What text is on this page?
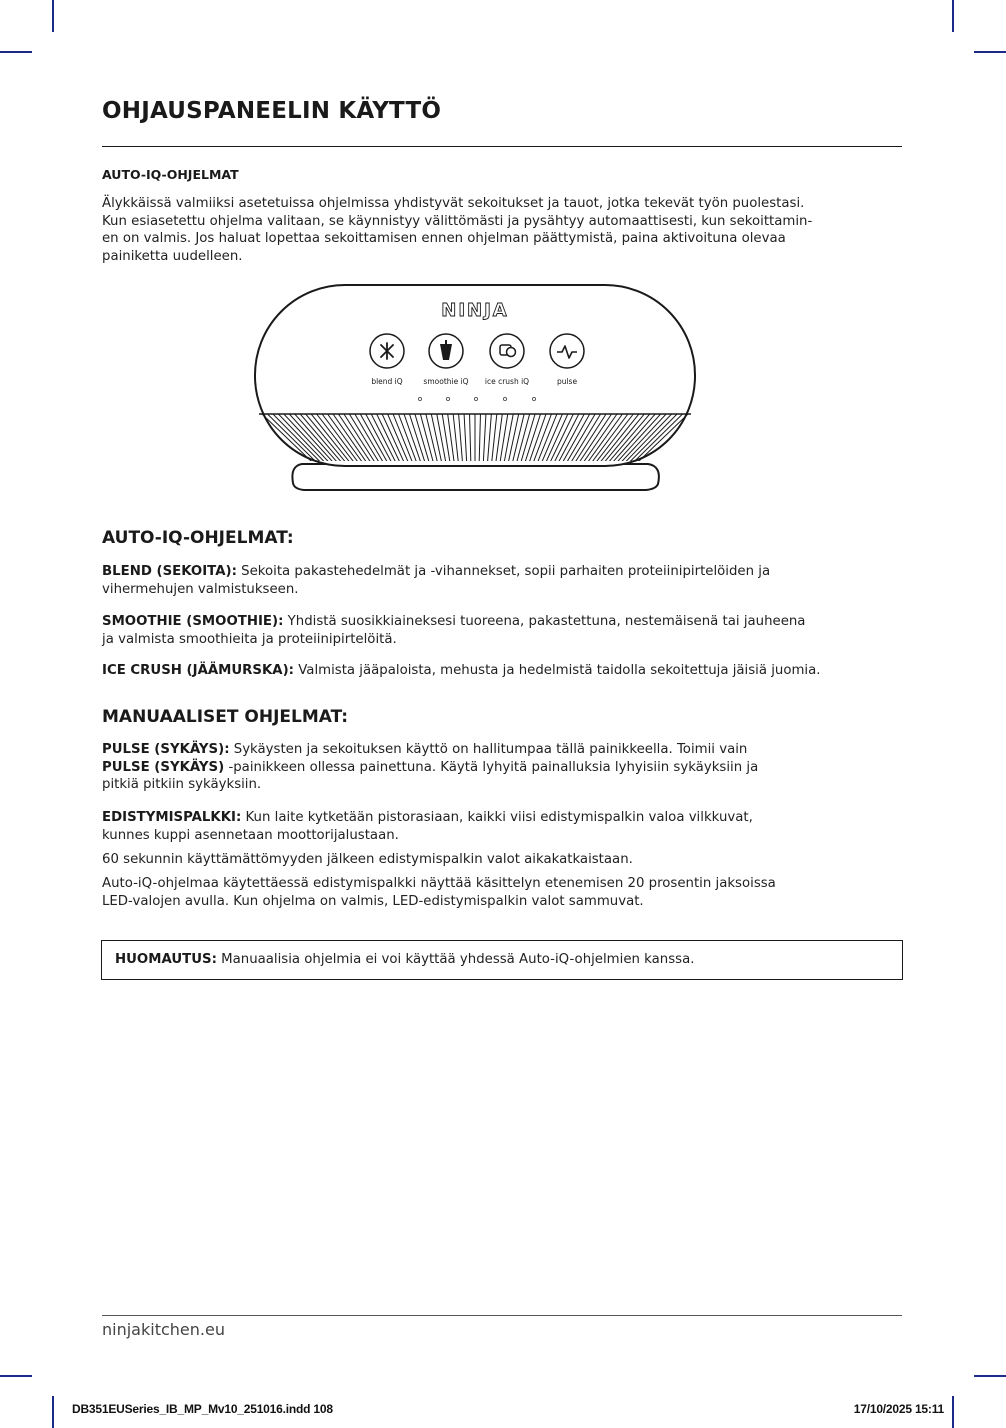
OHJAUSPANEELIN KÄYTTÖ
AUTO-IQ-OHJELMAT

Älykkäissä valmiiksi asetetuissa ohjelmissa yhdistyvät sekoitukset ja tauot, jotka tekevät työn puolestasi.
Kun esiasetettu ohjelma valitaan, se käynnistyy välittömästi ja pysähtyy automaattisesti, kun sekoittamin-
en on valmis. Jos haluat lopettaa sekoittamisen ennen ohjelman päättymistä, paina aktivoituna olevaa
painiketta uudelleen.

NINJA
blend iQ	smoothie iQ ice crush iQ	pulse
AUTO-IQ-OHJELMAT:

BLEND (SEKOITA): Sekoita pakastehedelmät ja -vihannekset, sopii parhaiten proteiinipirtelöiden ja
vihermehujen valmistukseen.

SMOOTHIE (SMOOTHIE): Yhdistä suosikkiaineksesi tuoreena, pakastettuna, nestemäisenä tai jauheena
ja valmista smoothieita ja proteiinipirtelöitä.

ICE CRUSH (JÄÄMURSKA): Valmista jääpaloista, mehusta ja hedelmistä taidolla sekoitettuja jäisiä juomia.

MANUAALISET OHJELMAT:

PULSE (SYKÄYS): Sykäysten ja sekoituksen käyttö on hallitumpaa tällä painikkeella. Toimii vain
PULSE (SYKÄYS) -painikkeen ollessa painettuna. Käytä lyhyitä painalluksia lyhyisiin sykäyksiin ja
pitkiä pitkiin sykäyksiin.

EDISTYMISPALKKI: Kun laite kytketään pistorasiaan, kaikki viisi edistymispalkin valoa vilkkuvat,
kunnes kuppi asennetaan moottorijalustaan.

60 sekunnin käyttämättömyyden jälkeen edistymispalkin valot aikakatkaistaan.

Auto-iQ-ohjelmaa käytettäessä edistymispalkki näyttää käsittelyn etenemisen 20 prosentin jaksoissa
LED-valojen avulla. Kun ohjelma on valmis, LED-edistymispalkin valot sammuvat.

HUOMAUTUS: Manuaalisia ohjelmia ei voi käyttää yhdessä Auto-iQ-ohjelmien kanssa.

ninjakitchen.eu
DB351EUSeries_IB_MP_Mv10_251016.indd 108	17/10/2025 15:11
